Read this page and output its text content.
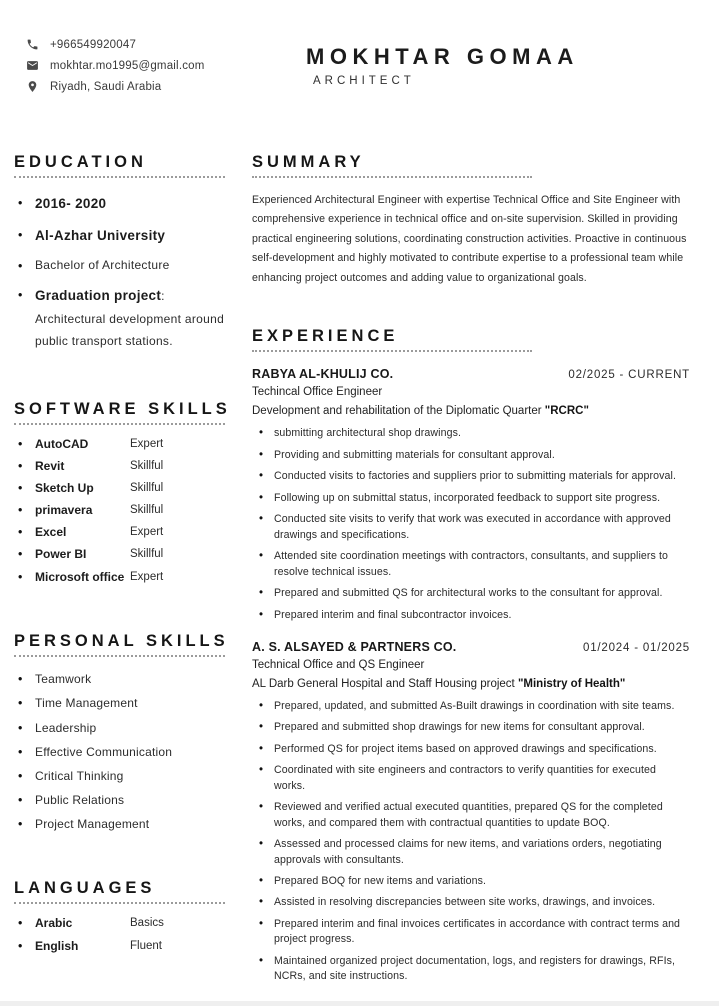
+966549920047
mokhtar.mo1995@gmail.com
Riyadh, Saudi Arabia
MOKHTAR GOMAA
ARCHITECT
EDUCATION
• 2016- 2020
• Al-Azhar University
• Bachelor of Architecture
• Graduation project: Architectural development around public transport stations.
SOFTWARE SKILLS
• AutoCAD	Expert
• Revit	Skillful
• Sketch Up	Skillful
• primavera	Skillful
• Excel	Expert
• Power BI	Skillful
• Microsoft office Expert
PERSONAL SKILLS
• Teamwork
• Time Management
• Leadership
• Effective Communication
• Critical Thinking
• Public Relations
• Project Management
LANGUAGES
• Arabic	Basics
• English	Fluent
SUMMARY

Experienced Architectural Engineer with expertise Technical Office and Site Engineer with comprehensive experience in technical office and on-site supervision. Skilled in providing practical engineering solutions, coordinating construction activities. Proactive in continuous self-development and highly motivated to contribute expertise to a professional team while enhancing project outcomes and adding value to organizational goals.

EXPERIENCE
RABYA AL-KHULIJ CO.	02/2025 - CURRENT

Techincal Office Engineer

Development and rehabilitation of the Diplomatic Quarter "RCRC"

• submitting architectural shop drawings.
• Providing and submitting materials for consultant approval.
• Conducted visits to factories and suppliers prior to submitting materials for approval.
• Following up on submittal status, incorporated feedback to support site progress.
• Conducted site visits to verify that work was executed in accordance with approved drawings and specifications.
• Attended site coordination meetings with contractors, consultants, and suppliers to resolve technical issues.
• Prepared and submitted QS for architectural works to the consultant for approval.
• Prepared interim and final subcontractor invoices.
A. S. ALSAYED & PARTNERS CO.	01/2024 - 01/2025

Technical Office and QS Engineer

AL Darb General Hospital and Staff Housing project "Ministry of Health"

• Prepared, updated, and submitted As-Built drawings in coordination with site teams.
• Prepared and submitted shop drawings for new items for consultant approval.
• Performed QS for project items based on approved drawings and specifications.
• Coordinated with site engineers and contractors to verify quantities for executed works.
• Reviewed and verified actual executed quantities, prepared QS for the completed works, and compared them with contractual quantities to update BOQ.
• Assessed and processed claims for new items, and variations orders, negotiating approvals with consultants.
• Prepared BOQ for new items and variations.
• Assisted in resolving discrepancies between site works, drawings, and invoices.
• Prepared interim and final invoices certificates in accordance with contract terms and project progress.
• Maintained organized project documentation, logs, and registers for drawings, RFIs, NCRs, and site instructions.
